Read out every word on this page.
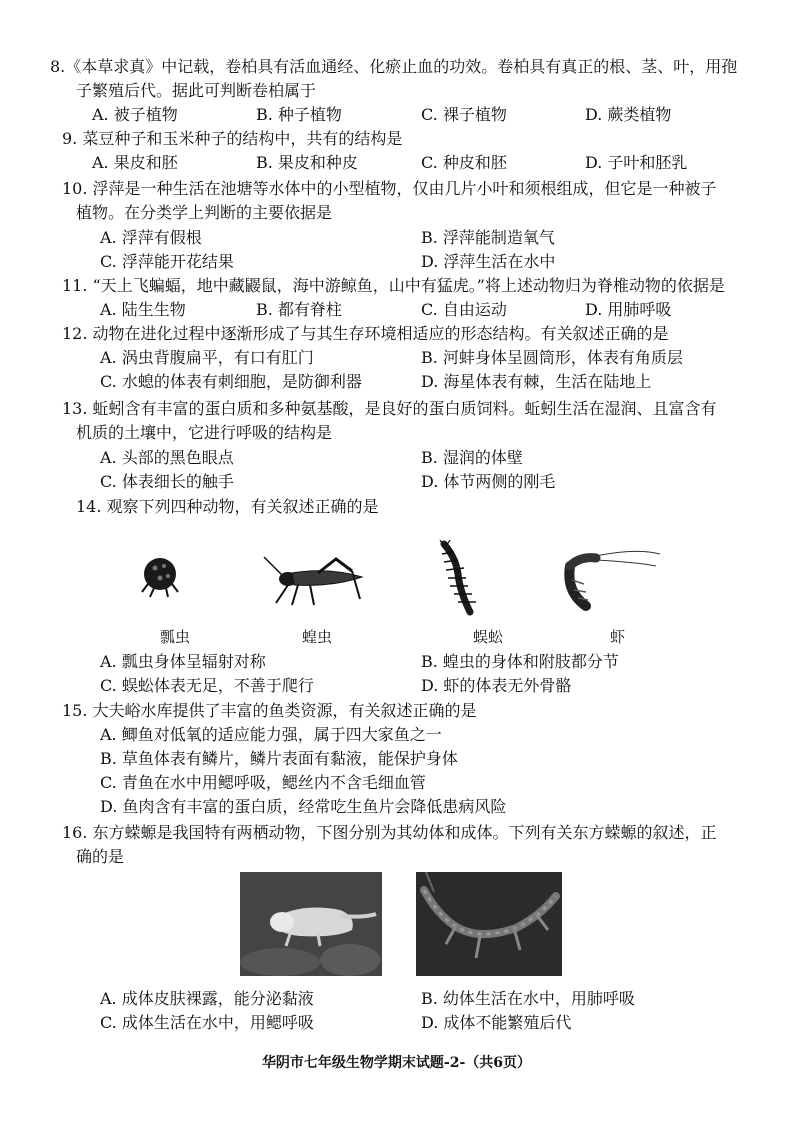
8.《本草求真》中记载，卷柏具有活血通经、化瘀止血的功效。卷柏具有真正的根、茎、叶，用孢
子繁殖后代。据此可判断卷柏属于
A. 被子植物	B. 种子植物	C. 裸子植物	D. 蕨类植物
9. 菜豆种子和玉米种子的结构中，共有的结构是
A. 果皮和胚	B. 果皮和种皮	C. 种皮和胚	D. 子叶和胚乳
10. 浮萍是一种生活在池塘等水体中的小型植物，仅由几片小叶和须根组成，但它是一种被子
植物。在分类学上判断的主要依据是
A. 浮萍有假根	B. 浮萍能制造氧气
C. 浮萍能开花结果	D. 浮萍生活在水中
11. “天上飞蝙蝠，地中藏鼹鼠，海中游鲸鱼，山中有猛虎。”将上述动物归为脊椎动物的依据是
A. 陆生生物	B. 都有脊柱	C. 自由运动	D. 用肺呼吸
12. 动物在进化过程中逐渐形成了与其生存环境相适应的形态结构。有关叙述正确的是
A. 涡虫背腹扁平，有口有肛门	B. 河蚌身体呈圆筒形，体表有角质层
C. 水螅的体表有刺细胞，是防御利器	D. 海星体表有棘，生活在陆地上
13. 蚯蚓含有丰富的蛋白质和多种氨基酸，是良好的蛋白质饲料。蚯蚓生活在湿润、且富含有
机质的土壤中，它进行呼吸的结构是
A. 头部的黑色眼点	B. 湿润的体壁
C. 体表细长的触手	D. 体节两侧的刚毛
14. 观察下列四种动物，有关叙述正确的是
瓢虫	蝗虫	蜈蚣	虾
A. 瓢虫身体呈辐射对称	B. 蝗虫的身体和附肢都分节
C. 蜈蚣体表无足，不善于爬行	D. 虾的体表无外骨骼
15. 大夫峪水库提供了丰富的鱼类资源，有关叙述正确的是
A. 鲫鱼对低氧的适应能力强，属于四大家鱼之一
B. 草鱼体表有鳞片，鳞片表面有黏液，能保护身体
C. 青鱼在水中用鳃呼吸，鳃丝内不含毛细血管
D. 鱼肉含有丰富的蛋白质，经常吃生鱼片会降低患病风险
16. 东方蝾螈是我国特有两栖动物，下图分别为其幼体和成体。下列有关东方蝾螈的叙述，正
确的是
A. 成体皮肤裸露，能分泌黏液	B. 幼体生活在水中，用肺呼吸
C. 成体生活在水中，用鳃呼吸	D. 成体不能繁殖后代
华阴市七年级生物学期末试题-2-（共6页）
